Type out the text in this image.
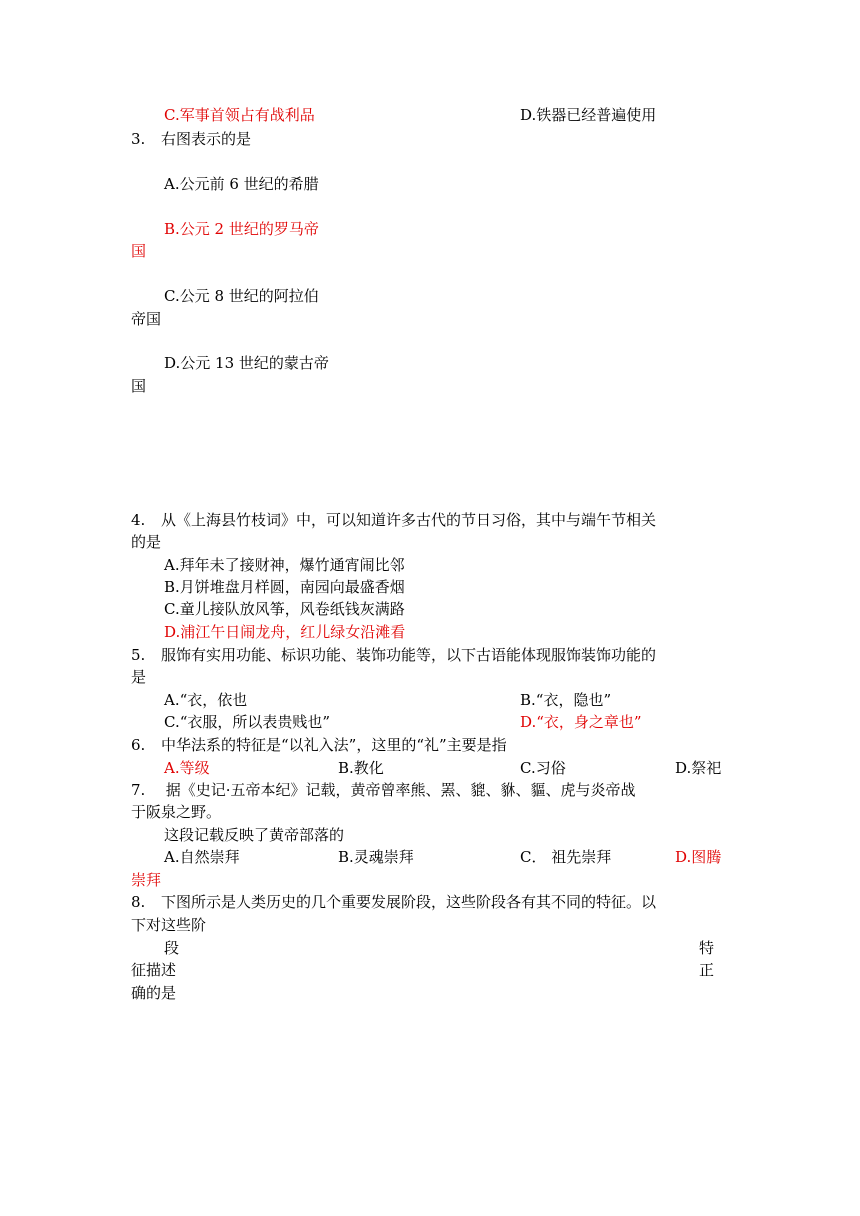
C.军事首领占有战利品	D.铁器已经普遍使用
3. 右图表示的是
A.公元前 6 世纪的希腊
B.公元 2 世纪的罗马帝
国
C.公元 8 世纪的阿拉伯
帝国
D.公元 13 世纪的蒙古帝
国
4. 从《上海县竹枝词》中，可以知道许多古代的节日习俗，其中与端午节相关
的是
A.拜年未了接财神，爆竹通宵闹比邻
B.月饼堆盘月样圆，南园向最盛香烟
C.童儿接队放风筝，风卷纸钱灰满路
D.浦江午日闹龙舟，红儿绿女沿滩看
5. 服饰有实用功能、标识功能、装饰功能等，以下古语能体现服饰装饰功能的
是
A.“衣，依也	B.“衣，隐也”
C.“衣服，所以表贵贱也”	D.“衣，身之章也”
6. 中华法系的特征是“以礼入法”，这里的“礼”主要是指
A.等级	B.教化	C.习俗	D.祭祀
7. 据《史记·五帝本纪》记载，黄帝曾率熊、罴、貔、貅、貙、虎与炎帝战
于阪泉之野。
这段记载反映了黄帝部落的
A.自然崇拜	B.灵魂崇拜	C． 祖先崇拜	D.图腾
崇拜
8. 下图所示是人类历史的几个重要发展阶段，这些阶段各有其不同的特征。以
下对这些阶
段	特
征描述	正
确的是
